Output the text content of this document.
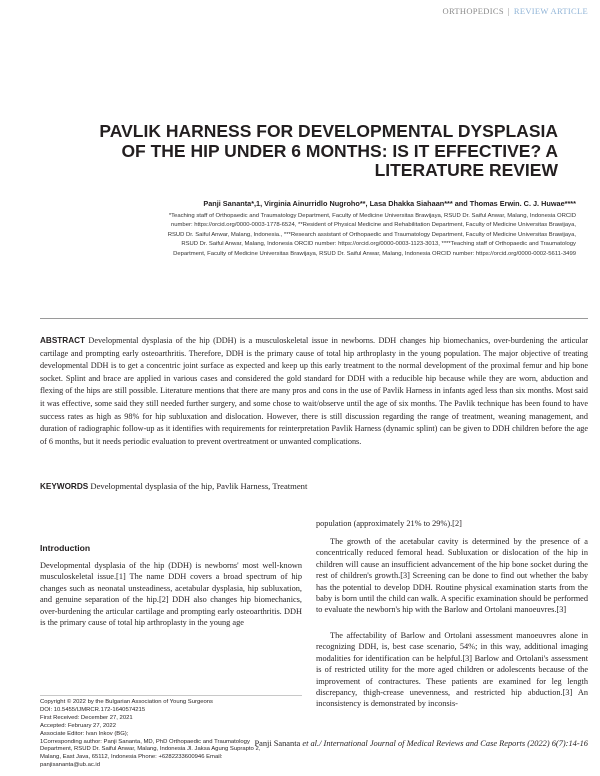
ORTHOPEDICS | REVIEW ARTICLE
PAVLIK HARNESS FOR DEVELOPMENTAL DYSPLASIA
OF THE HIP UNDER 6 MONTHS: IS IT EFFECTIVE? A
LITERATURE REVIEW
Panji Sananta*,1, Virginia Ainurridlo Nugroho**, Lasa Dhakka Siahaan*** and Thomas Erwin. C. J. Huwae****
*Teaching staff of Orthopaedic and Traumatology Department, Faculty of Medicine Universitas Brawijaya, RSUD Dr. Saiful Anwar, Malang, Indonesia ORCID
number: https://orcid.org/0000-0003-1778-6524, **Resident of Physical Medicine and Rehabilitation Department, Faculty of Medicine Universitas Brawijaya,
RSUD Dr. Saiful Anwar, Malang, Indonesia., ***Research assistant of Orthopaedic and Traumatology Department, Faculty of Medicine Universitas Brawijaya,
RSUD Dr. Saiful Anwar, Malang, Indonesia ORCID number: https://orcid.org/0000-0003-1123-3013, ****Teaching staff of Orthopaedic and Traumatology
Department, Faculty of Medicine Universitas Brawijaya, RSUD Dr. Saiful Anwar, Malang, Indonesia ORCID number: https://orcid.org/0000-0002-5611-3499
ABSTRACT Developmental dysplasia of the hip (DDH) is a musculoskeletal issue in newborns. DDH changes hip biomechanics, over-burdening the articular cartilage and prompting early osteoarthritis. Therefore, DDH is the primary cause of total hip arthroplasty in the young population. The major objective of treating developmental DDH is to get a concentric joint surface as expected and keep up this early treatment to the normal development of the proximal femur and hip bone socket. Splint and brace are applied in various cases and considered the gold standard for DDH with a reducible hip because while they are worn, abduction and flexing of the hips are still possible. Literature mentions that there are many pros and cons in the use of Pavlik Harness in infants aged less than six months. Most said it was effective, some said they still needed further surgery, and some chose to wait/observe until the age of six months. The Pavlik technique has been found to have success rates as high as 98% for hip subluxation and dislocation. However, there is still discussion regarding the range of treatment, weaning management, and duration of radiographic follow-up as it identifies with requirements for reinterpretation Pavlik Harness (dynamic splint) can be given to DDH children before the age of 6 months, but it needs periodic evaluation to prevent overtreatment or unwanted complications.
KEYWORDS Developmental dysplasia of the hip, Pavlik Harness, Treatment
Introduction
Developmental dysplasia of the hip (DDH) is newborns' most well-known musculoskeletal issue.[1] The name DDH covers a broad spectrum of hip changes such as neonatal unsteadiness, acetabular dysplasia, hip subluxation, and genuine separation of the hip.[2] DDH also changes hip biomechanics, over-burdening the articular cartilage and prompting early osteoarthritis. DDH is the primary cause of total hip arthroplasty in the young age
Copyright © 2022 by the Bulgarian Association of Young Surgeons
DOI: 10.5455/IJMRCR.172-1640574215
First Received: December 27, 2021
Accepted: February 27, 2022
Associate Editor: Ivan Inkov (BG);
1Corresponding author: Panji Sananta, MD, PhD Orthopaedic and Traumatology
Department, RSUD Dr. Saiful Anwar, Malang, Indonesia Jl. Jaksa Agung Suprapto 2,
Malang, East Java, 65112, Indonesia Phone: +6282233600946 Email:
panjisananta@ub.ac.id
population (approximately 21% to 29%).[2]
The growth of the acetabular cavity is determined by the presence of a concentrically reduced femoral head. Subluxation or dislocation of the hip in children will cause an insufficient advancement of the hip bone socket during the rest of children's growth.[3] Screening can be done to find out whether the baby has the potential to develop DDH. Routine physical examination starts from the baby is born until the child can walk. A specific examination should be performed to evaluate the newborn's hip with the Barlow and Ortolani manoeuvres.[3]
The affectability of Barlow and Ortolani assessment manoeuvres alone in recognizing DDH, is, best case scenario, 54%; in this way, additional imaging modalities for identification can be helpful.[3] Barlow and Ortolani's assessment is of restricted utility for the more aged children or adolescents because of the improvement of contractures. These patients are examined for leg length discrepancy, thigh-crease unevenness, and restricted hip abduction.[3] An inconsistency is demonstrated by inconsis-
Panji Sananta et al./ International Journal of Medical Reviews and Case Reports (2022) 6(7):14-16
